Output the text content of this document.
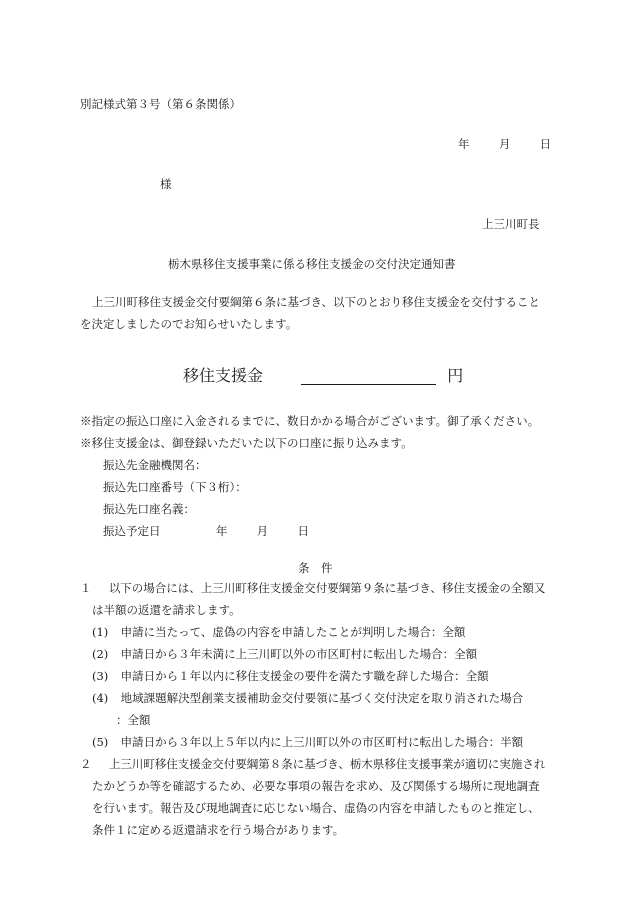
別記様式第３号（第６条関係）
年	月	日
様
上三川町長
栃木県移住支援事業に係る移住支援金の交付決定通知書
上三川町移住支援金交付要綱第６条に基づき、以下のとおり移住支援金を交付すること
を決定しましたのでお知らせいたします。
移住支援金	円
※指定の振込口座に入金されるまでに、数日かかる場合がございます。御了承ください。
※移住支援金は、御登録いただいた以下の口座に振り込みます。
振込先金融機関名：
振込先口座番号（下３桁）：
振込先口座名義：
振込予定日	年	月	日
条　件
１ 以下の場合には、上三川町移住支援金交付要綱第９条に基づき、移住支援金の全額又
は半額の返還を請求します。
(1) 申請に当たって、虚偽の内容を申請したことが判明した場合：全額
(2) 申請日から３年未満に上三川町以外の市区町村に転出した場合：全額
(3) 申請日から１年以内に移住支援金の要件を満たす職を辞した場合：全額
(4) 地域課題解決型創業支援補助金交付要領に基づく交付決定を取り消された場合
：全額
(5) 申請日から３年以上５年以内に上三川町以外の市区町村に転出した場合：半額
２ 上三川町移住支援金交付要綱第８条に基づき、栃木県移住支援事業が適切に実施され
たかどうか等を確認するため、必要な事項の報告を求め、及び関係する場所に現地調査
を行います。報告及び現地調査に応じない場合、虚偽の内容を申請したものと推定し、
条件１に定める返還請求を行う場合があります。
